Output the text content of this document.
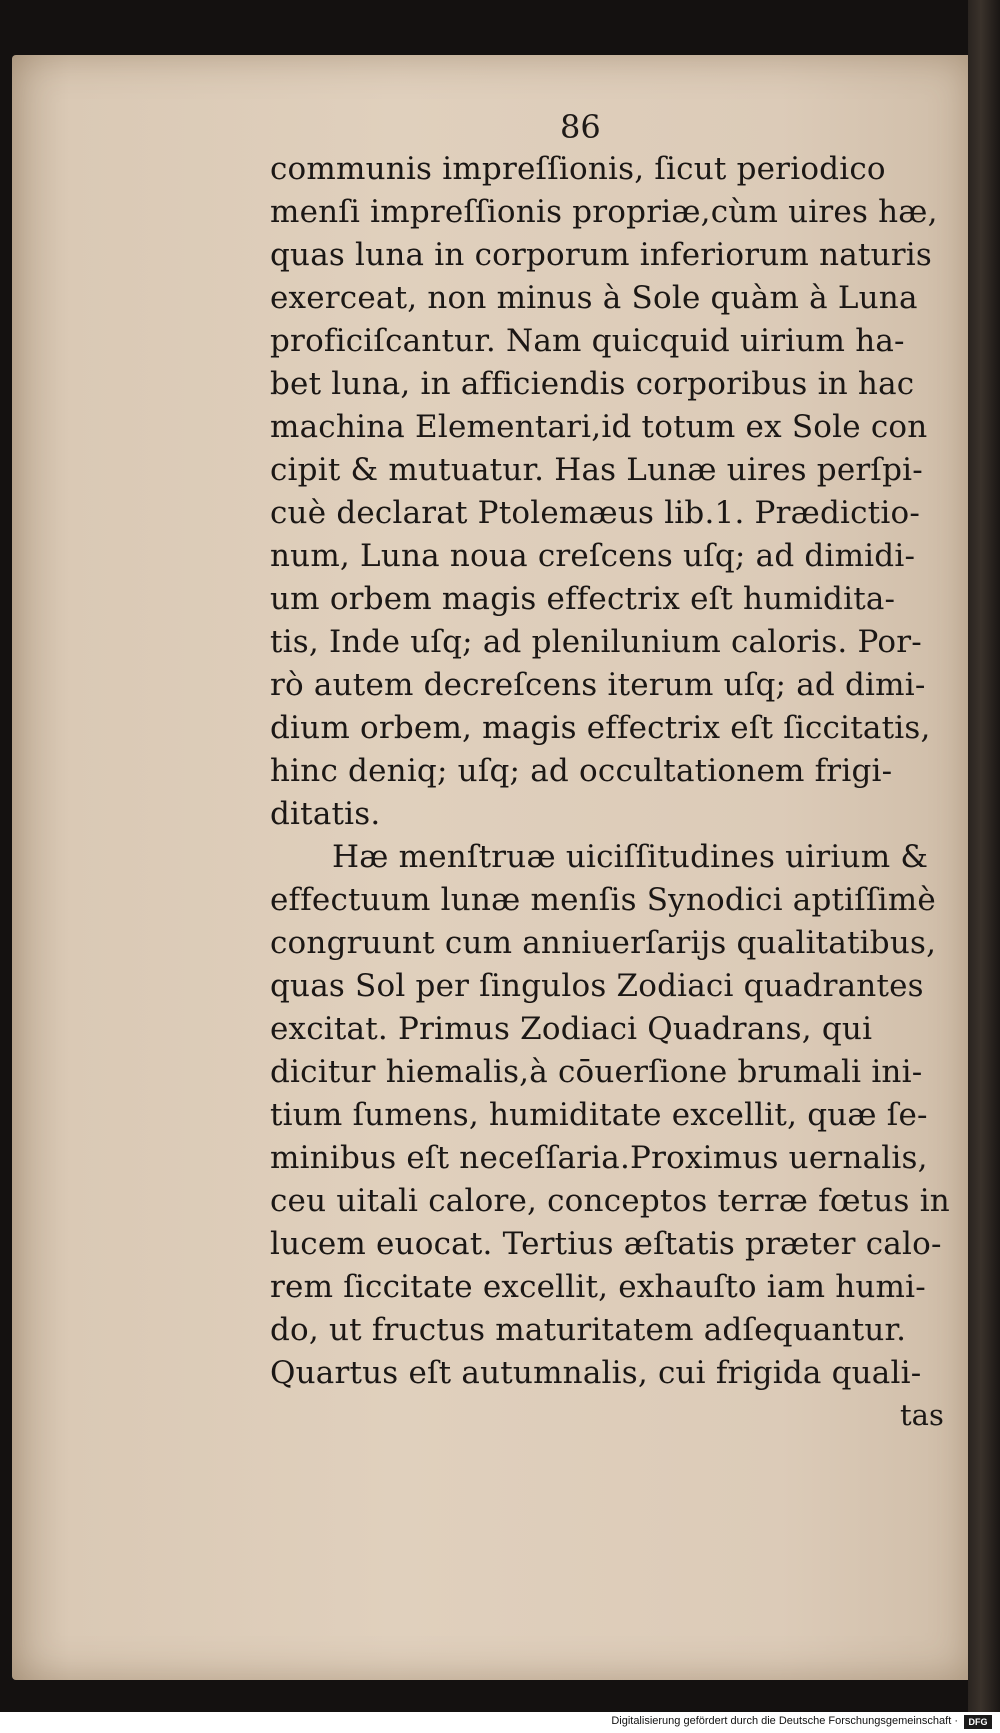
86
communis impreſſionis, ſicut periodico
menſi impreſſionis propriæ,cùm uires hæ,
quas luna in corporum inferiorum naturis
exerceat, non minus à Sole quàm à Luna
proficiſcantur. Nam quicquid uirium ha-
bet luna, in afficiendis corporibus in hac
machina Elementari,id totum ex Sole con
cipit & mutuatur. Has Lunæ uires perſpi-
cuè declarat Ptolemæus lib.1. Prædictio-
num, Luna noua creſcens uſq; ad dimidi-
um orbem magis effectrix eſt humidita-
tis, Inde uſq; ad plenilunium caloris. Por-
rò autem decreſcens iterum uſq; ad dimi-
dium orbem, magis effectrix eſt ſiccitatis,
hinc deniq; uſq; ad occultationem frigi-
ditatis.
Hæ menſtruæ uiciſſitudines uirium &
effectuum lunæ menſis Synodici aptiſſimè
congruunt cum anniuerſarijs qualitatibus,
quas Sol per ſingulos Zodiaci quadrantes
excitat. Primus Zodiaci Quadrans, qui
dicitur hiemalis,à cōuerſione brumali ini-
tium ſumens, humiditate excellit, quæ ſe-
minibus eſt neceſſaria.Proximus uernalis,
ceu uitali calore, conceptos terræ fœtus in
lucem euocat. Tertius æſtatis præter calo-
rem ſiccitate excellit, exhauſto iam humi-
do, ut fructus maturitatem adſequantur.
Quartus eſt autumnalis, cui frigida quali-
tas
Digitalisierung gefördert durch die Deutsche Forschungsgemeinschaft ·	DFG
